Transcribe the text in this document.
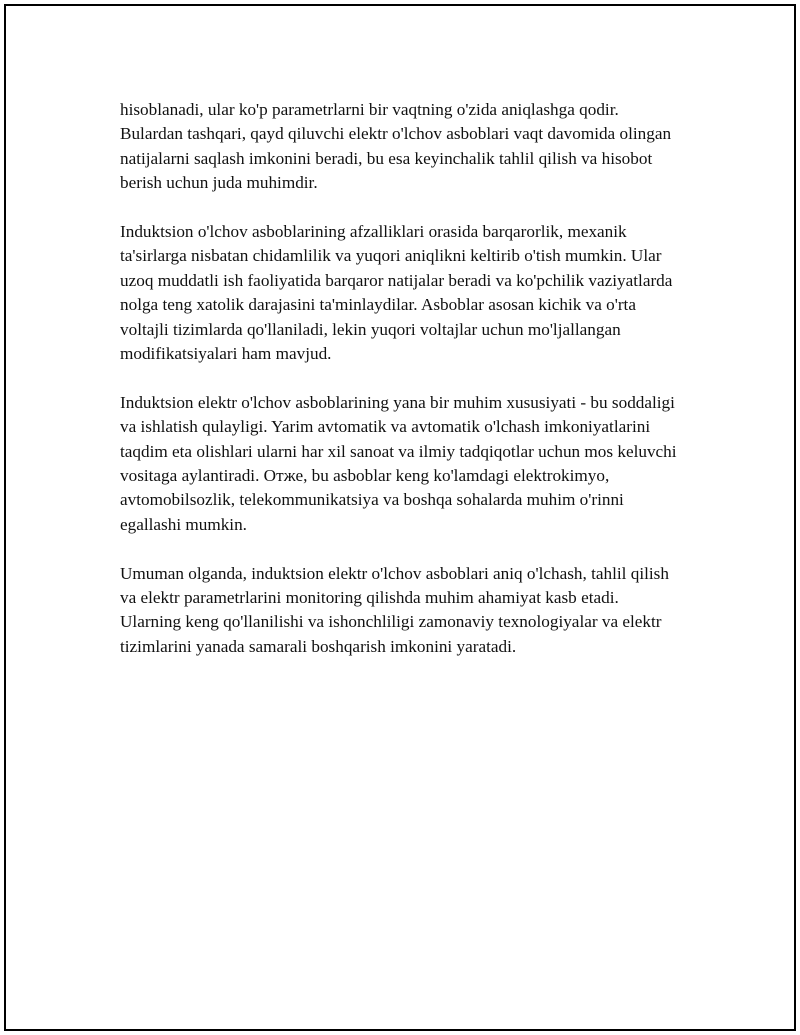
hisoblanadi, ular ko'p parametrlarni bir vaqtning o'zida aniqlashga qodir. Bulardan tashqari, qayd qiluvchi elektr o'lchov asboblari vaqt davomida olingan natijalarni saqlash imkonini beradi, bu esa keyinchalik tahlil qilish va hisobot berish uchun juda muhimdir.

Induktsion o'lchov asboblarining afzalliklari orasida barqarorlik, mexanik ta'sirlarga nisbatan chidamlilik va yuqori aniqlikni keltirib o'tish mumkin. Ular uzoq muddatli ish faoliyatida barqaror natijalar beradi va ko'pchilik vaziyatlarda nolga teng xatolik darajasini ta'minlaydilar. Asboblar asosan kichik va o'rta voltajli tizimlarda qo'llaniladi, lekin yuqori voltajlar uchun mo'ljallangan modifikatsiyalari ham mavjud.

Induktsion elektr o'lchov asboblarining yana bir muhim xususiyati - bu soddaligi va ishlatish qulayligi. Yarim avtomatik va avtomatik o'lchash imkoniyatlarini taqdim eta olishlari ularni har xil sanoat va ilmiy tadqiqotlar uchun mos keluvchi vositaga aylantiradi. Отже, bu asboblar keng ko'lamdagi elektrokimyo, avtomobilsozlik, telekommunikatsiya va boshqa sohalarda muhim o'rinni egallashi mumkin.

Umuman olganda, induktsion elektr o'lchov asboblari aniq o'lchash, tahlil qilish va elektr parametrlarini monitoring qilishda muhim ahamiyat kasb etadi. Ularning keng qo'llanilishi va ishonchliligi zamonaviy texnologiyalar va elektr tizimlarini yanada samarali boshqarish imkonini yaratadi.
